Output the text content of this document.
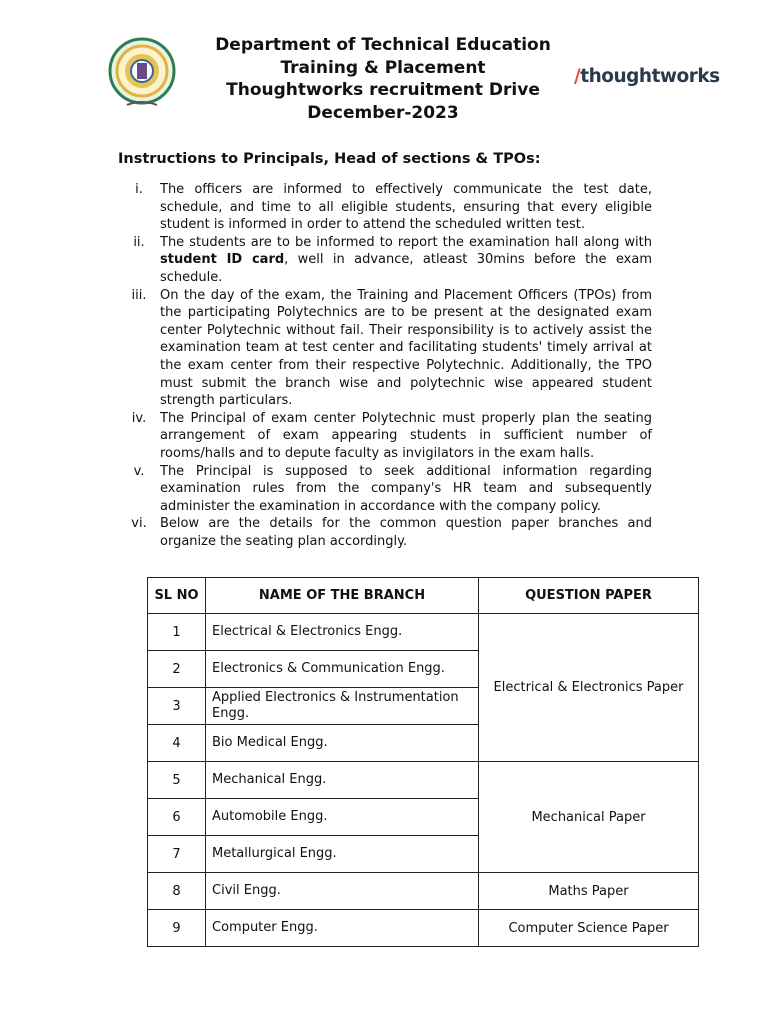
Department of Technical Education
Training & Placement
Thoughtworks recruitment Drive
December-2023
/thoughtworks
Instructions to Principals, Head of sections & TPOs:
i.	The officers are informed to effectively communicate the test date, schedule, and time to all eligible students, ensuring that every eligible student is informed in order to attend the scheduled written test.
ii.	The students are to be informed to report the examination hall along with student ID card, well in advance, atleast 30mins before the exam schedule.
iii.	On the day of the exam, the Training and Placement Officers (TPOs) from the participating Polytechnics are to be present at the designated exam center Polytechnic without fail. Their responsibility is to actively assist the examination team at test center and facilitating students' timely arrival at the exam center from their respective Polytechnic. Additionally, the TPO must submit the branch wise and polytechnic wise appeared student strength particulars.
iv.	The Principal of exam center Polytechnic must properly plan the seating arrangement of exam appearing students in sufficient number of rooms/halls and to depute faculty as invigilators in the exam halls.
v.	The Principal is supposed to seek additional information regarding examination rules from the company's HR team and subsequently administer the examination in accordance with the company policy.
vi.	Below are the details for the common question paper branches and organize the seating plan accordingly.
SL NO	NAME OF THE BRANCH	QUESTION PAPER
1	Electrical & Electronics Engg.	Electrical & Electronics Paper
2	Electronics & Communication Engg.	
3	Applied Electronics & Instrumentation Engg.	
4	Bio Medical Engg.	
5	Mechanical Engg.	Mechanical Paper
6	Automobile Engg.	
7	Metallurgical Engg.	
8	Civil Engg.	Maths Paper
9	Computer Engg.	Computer Science Paper
